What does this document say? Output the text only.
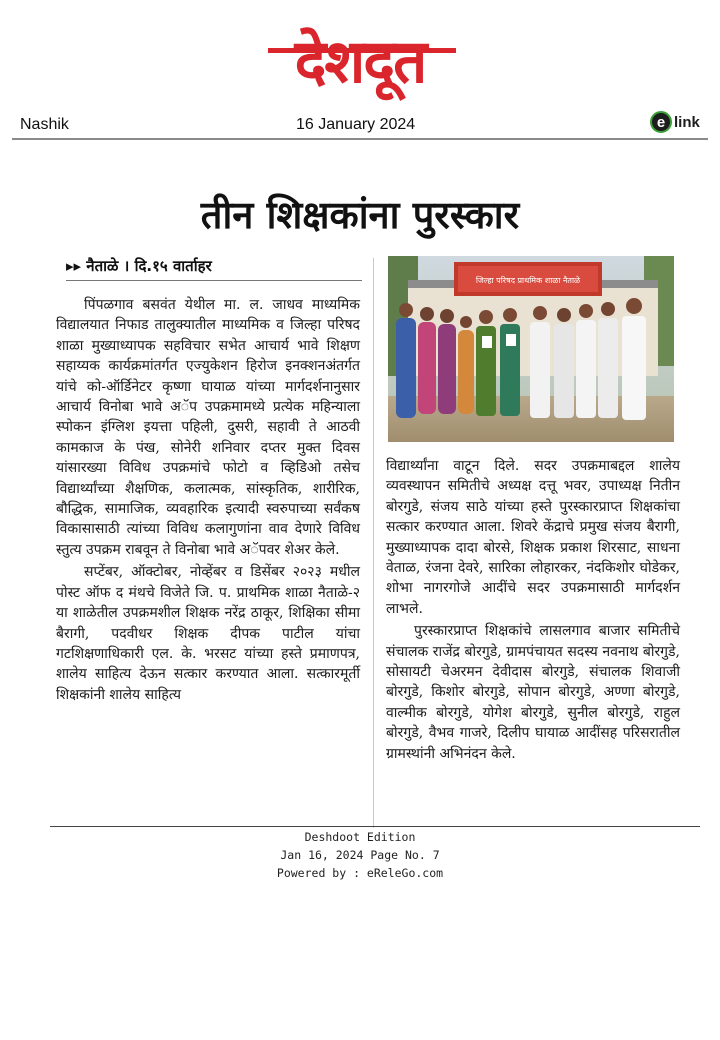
देशदूत
Nashik	16 January 2024	e link
तीन शिक्षकांना पुरस्कार
▸▸ नैताळे । दि.१५ वार्ताहर

पिंपळगाव बसवंत येथील मा. ल. जाधव माध्यमिक विद्यालयात निफाड तालुक्यातील माध्यमिक व जिल्हा परिषद शाळा मुख्याध्यापक सहविचार सभेत आचार्य भावे शिक्षण सहाय्यक कार्यक्रमांतर्गत एज्युकेशन हिरोज इनक्शनअंतर्गत यांचे को-ऑर्डिनेटर कृष्णा घायाळ यांच्या मार्गदर्शनानुसार आचार्य विनोबा भावे अॅप उपक्रमामध्ये प्रत्येक महिन्याला स्पोकन इंग्लिश इयत्ता पहिली, दुसरी, सहावी ते आठवी कामकाज के पंख, सोनेरी शनिवार दप्तर मुक्त दिवस यांसारख्या विविध उपक्रमांचे फोटो व व्हिडिओ तसेच विद्यार्थ्यांच्या शैक्षणिक, कलात्मक, सांस्कृतिक, शारीरिक, बौद्धिक, सामाजिक, व्यवहारिक इत्यादी स्वरुपाच्या सर्वंकष विकासासाठी त्यांच्या विविध कलागुणांना वाव देणारे विविध स्तुत्य उपक्रम राबवून ते विनोबा भावे अॅपवर शेअर केले.

सप्टेंबर, ऑक्टोबर, नोव्हेंबर व डिसेंबर २०२३ मधील पोस्ट ऑफ द मंथचे विजेते जि. प. प्राथमिक शाळा नैताळे-२ या शाळेतील उपक्रमशील शिक्षक नरेंद्र ठाकूर, शिक्षिका सीमा बैरागी, पदवीधर शिक्षक दीपक पाटील यांचा गटशिक्षणाधिकारी एल. के. भरसट यांच्या हस्ते प्रमाणपत्र, शालेय साहित्य देऊन सत्कार करण्यात आला. सत्कारमूर्ती शिक्षकांनी शालेय साहित्य

जिल्हा परिषद प्राथमिक शाळा नैताळे

विद्यार्थ्यांना वाटून दिले. सदर उपक्रमाबद्दल शालेय व्यवस्थापन समितीचे अध्यक्ष दत्तू भवर, उपाध्यक्ष नितीन बोरगुडे, संजय साठे यांच्या हस्ते पुरस्कारप्राप्त शिक्षकांचा सत्कार करण्यात आला. शिवरे केंद्राचे प्रमुख संजय बैरागी, मुख्याध्यापक दादा बोरसे, शिक्षक प्रकाश शिरसाट, साधना वेताळ, रंजना देवरे, सारिका लोहारकर, नंदकिशोर घोडेकर, शोभा नागरगोजे आदींचे सदर उपक्रमासाठी मार्गदर्शन लाभले.

पुरस्कारप्राप्त शिक्षकांचे लासलगाव बाजार समितीचे संचालक राजेंद्र बोरगुडे, ग्रामपंचायत सदस्य नवनाथ बोरगुडे, सोसायटी चेअरमन देवीदास बोरगुडे, संचालक शिवाजी बोरगुडे, किशोर बोरगुडे, सोपान बोरगुडे, अण्णा बोरगुडे, वाल्मीक बोरगुडे, योगेश बोरगुडे, सुनील बोरगुडे, राहुल बोरगुडे, वैभव गाजरे, दिलीप घायाळ आदींसह परिसरातील ग्रामस्थांनी अभिनंदन केले.

Deshdoot Edition
Jan 16, 2024 Page No. 7
Powered by : eReleGo.com
